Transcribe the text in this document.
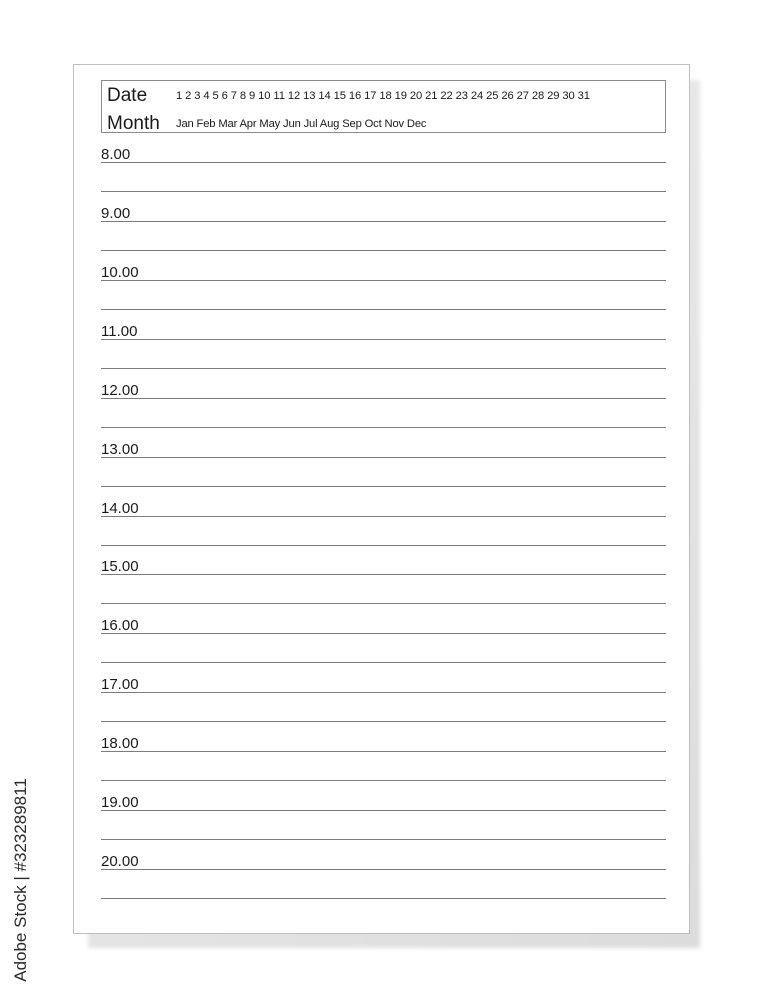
Date	1 2 3 4 5 6 7 8 9 10 11 12 13 14 15 16 17 18 19 20 21 22 23 24 25 26 27 28 29 30 31
Month Jan Feb Mar Apr May Jun Jul Aug Sep Oct Nov Dec
8.00
9.00
10.00
11.00
12.00
13.00
14.00
15.00
16.00
17.00
18.00
19.00
20.00
Adobe Stock | #323289811
